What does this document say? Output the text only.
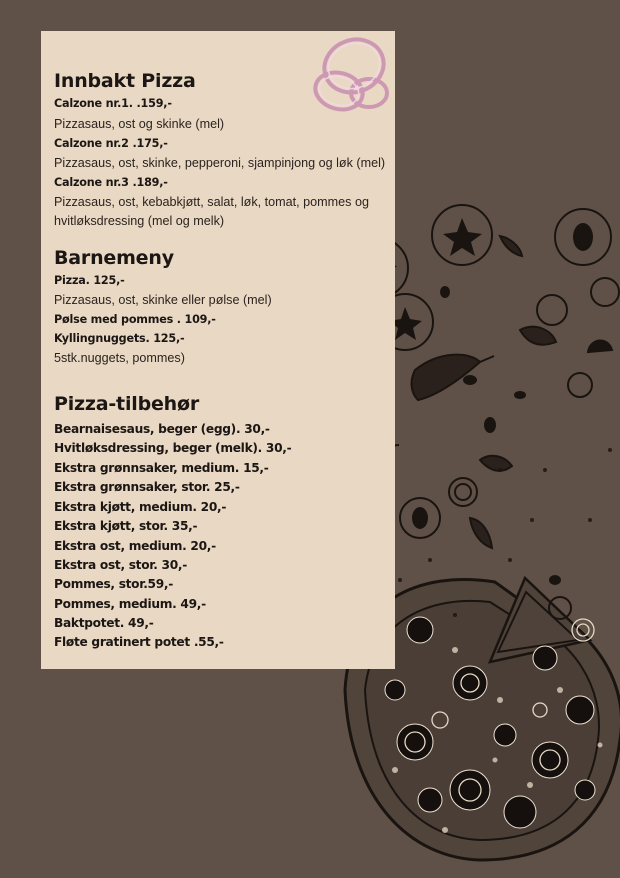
Innbakt Pizza
Calzone nr.1. .159,-
Pizzasaus, ost og skinke (mel)
Calzone nr.2 .175,-
Pizzasaus, ost, skinke, pepperoni, sjampinjong og løk (mel)
Calzone nr.3 .189,-
Pizzasaus, ost, kebabkjøtt, salat, løk, tomat, pommes og
hvitløksdressing (mel og melk)
Barnemeny
Pizza. 125,-
Pizzasaus, ost, skinke eller pølse (mel)
Pølse med pommes . 109,-
Kyllingnuggets. 125,-
5stk.nuggets, pommes)
Pizza-tilbehør
Bearnaisesaus, beger (egg). 30,-
Hvitløksdressing, beger (melk). 30,-
Ekstra grønnsaker, medium. 15,-
Ekstra grønnsaker, stor. 25,-
Ekstra kjøtt, medium. 20,-
Ekstra kjøtt, stor. 35,-
Ekstra ost, medium. 20,-
Ekstra ost, stor. 30,-
Pommes, stor.59,-
Pommes, medium. 49,-
Baktpotet. 49,-
Fløte gratinert potet .55,-
